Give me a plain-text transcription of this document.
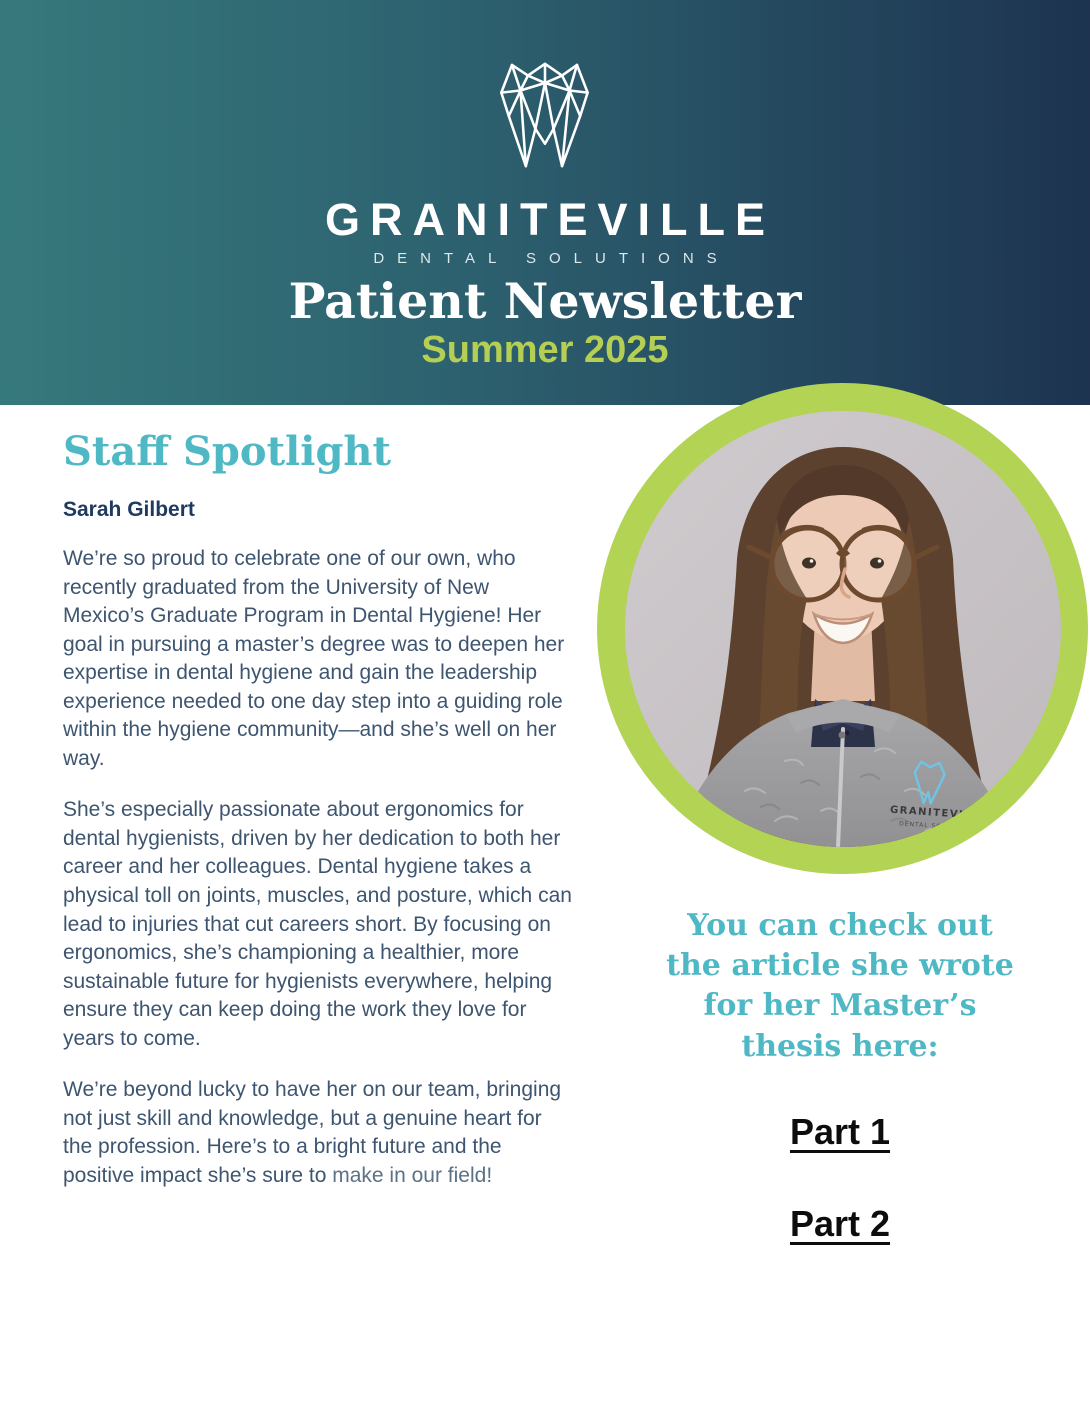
GRANITEVILLE
DENTAL SOLUTIONS
Patient Newsletter
Summer 2025
GRANITEVIL
DENTAL SOLUTIONS
Staff Spotlight
Sarah Gilbert

We’re so proud to celebrate one of our own, who recently graduated from the University of New Mexico’s Graduate Program in Dental Hygiene! Her goal in pursuing a master’s degree was to deepen her expertise in dental hygiene and gain the leadership experience needed to one day step into a guiding role within the hygiene community—and she’s well on her way.

She’s especially passionate about ergonomics for dental hygienists, driven by her dedication to both her career and her colleagues. Dental hygiene takes a physical toll on joints, muscles, and posture, which can lead to injuries that cut careers short. By focusing on ergonomics, she’s championing a healthier, more sustainable future for hygienists everywhere, helping ensure they can keep doing the work they love for years to come.

We’re beyond lucky to have her on our team, bringing not just skill and knowledge, but a genuine heart for the profession. Here’s to a bright future and the positive impact she’s sure to make in our field!

You can check out
the article she wrote
for her Master’s
thesis here:
Part 1
Part 2
